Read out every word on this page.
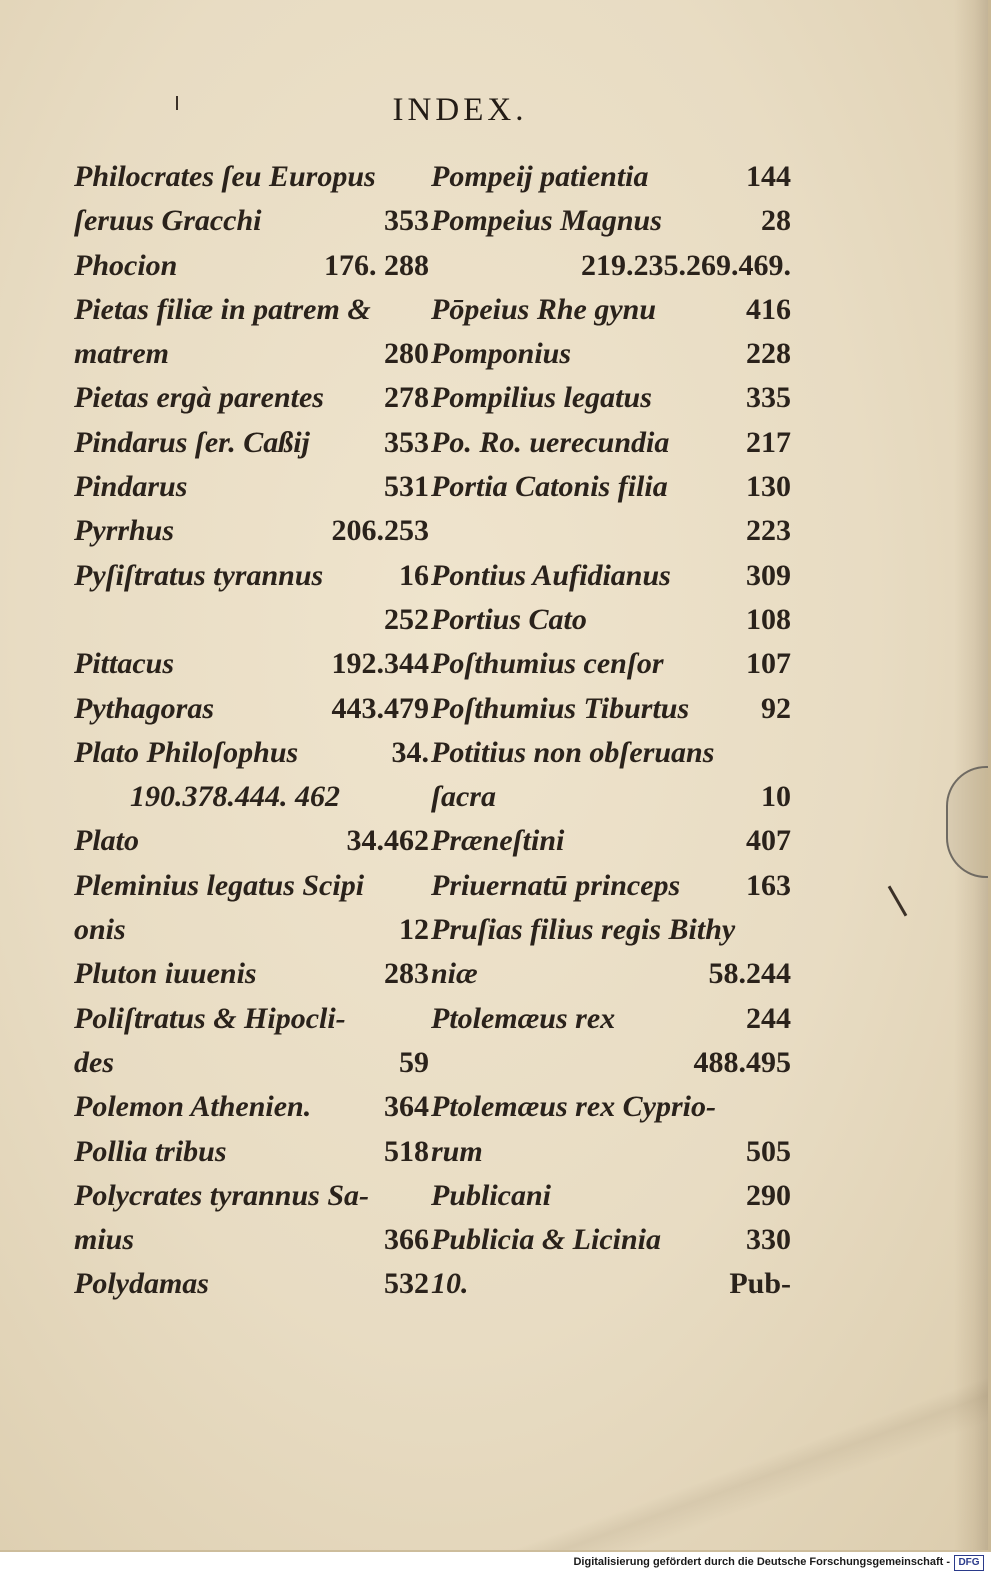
INDEX.
Philocrates ſeu Europus
ſeruus Gracchi	353
Phocion	176. 288
Pietas filiæ in patrem &
matrem	280
Pietas ergà parentes 278
Pindarus ſer. Caßij 353
Pindarus	531
Pyrrhus	206.253
Pyſiſtratus tyrannus	16
252
Pittacus	192.344
Pythagoras	443.479
Plato Philoſophus	34.
190.378.444. 462
Plato	34.462
Pleminius legatus Scipi
onis	12
Pluton iuuenis	283
Poliſtratus & Hipocli-
des	59
Polemon Athenien. 364
Pollia tribus	518
Polycrates tyrannus Sa-
mius	366
Polydamas	532
Pompeij patientia	144
Pompeius Magnus	28
219.235.269.469.
Pōpeius Rhe gynu	416
Pomponius	228
Pompilius legatus	335
Po. Ro. uerecundia	217
Portia Catonis filia	130
223
Pontius Aufidianus	309
Portius Cato	108
Poſthumius cenſor	107
Poſthumius Tiburtus 92
Potitius non obſeruans
ſacra	10
Præneſtini	407
Priuernatū princeps 163
Pruſias filius regis Bithy
niæ	58.244
Ptolemæus rex	244
488.495
Ptolemæus rex Cyprio-
rum	505
Publicani	290
Publicia & Licinia	330
10.	Pub-
Digitalisierung gefördert durch die Deutsche Forschungsgemeinschaft - DFG
